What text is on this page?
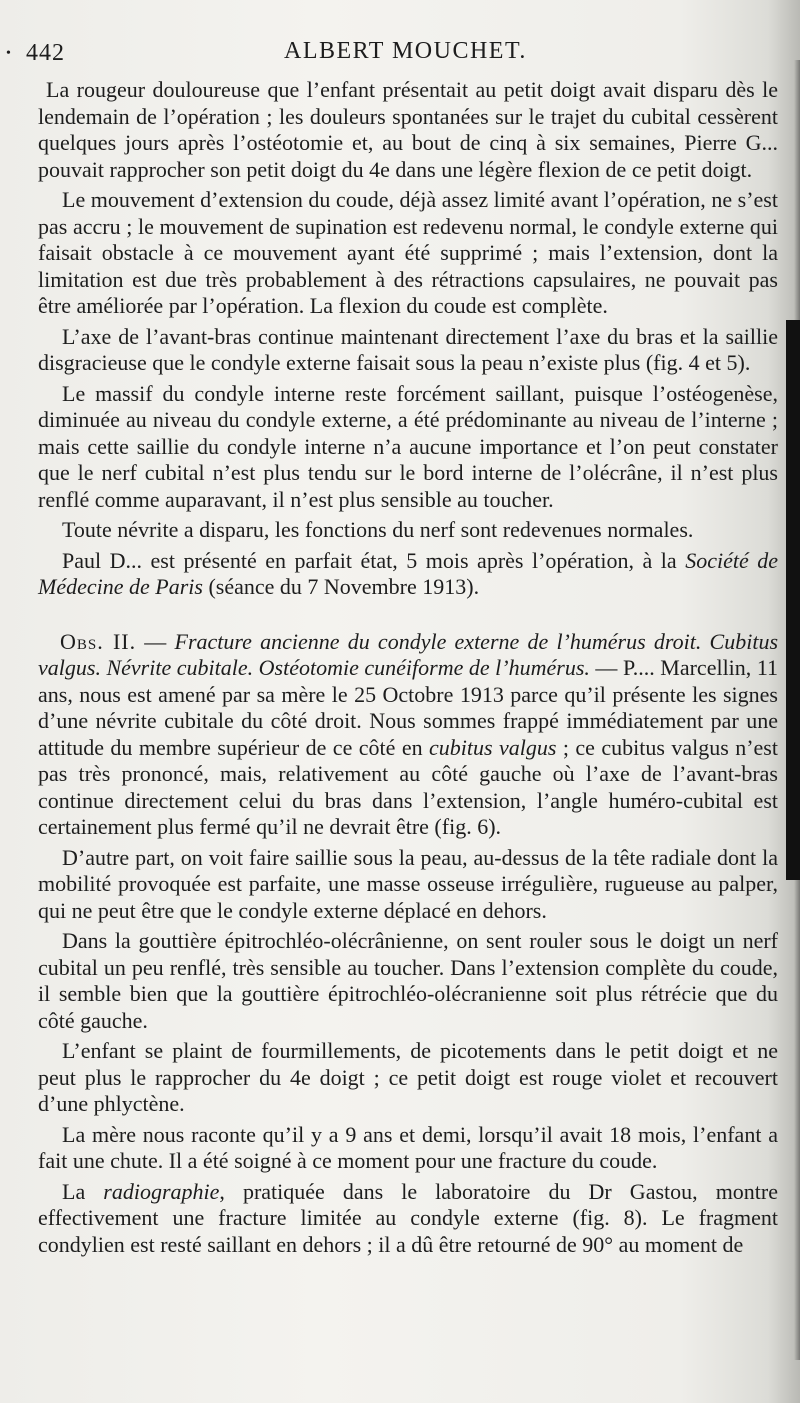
• 442	ALBERT MOUCHET.

La rougeur douloureuse que l’enfant présentait au petit doigt avait disparu dès le lendemain de l’opération ; les douleurs spontanées sur le trajet du cubital cessèrent quelques jours après l’ostéotomie et, au bout de cinq à six semaines, Pierre G... pouvait rapprocher son petit doigt du 4e dans une légère flexion de ce petit doigt.

Le mouvement d’extension du coude, déjà assez limité avant l’opération, ne s’est pas accru ; le mouvement de supination est redevenu normal, le condyle externe qui faisait obstacle à ce mouvement ayant été supprimé ; mais l’extension, dont la limitation est due très probablement à des rétractions capsulaires, ne pouvait pas être améliorée par l’opération. La flexion du coude est complète.

L’axe de l’avant-bras continue maintenant directement l’axe du bras et la saillie disgracieuse que le condyle externe faisait sous la peau n’existe plus (fig. 4 et 5).

Le massif du condyle interne reste forcément saillant, puisque l’ostéogenèse, diminuée au niveau du condyle externe, a été prédominante au niveau de l’interne ; mais cette saillie du condyle interne n’a aucune importance et l’on peut constater que le nerf cubital n’est plus tendu sur le bord interne de l’olécrâne, il n’est plus renflé comme auparavant, il n’est plus sensible au toucher.

Toute névrite a disparu, les fonctions du nerf sont redevenues normales.

Paul D... est présenté en parfait état, 5 mois après l’opération, à la Société de Médecine de Paris (séance du 7 Novembre 1913).

Obs. II. — Fracture ancienne du condyle externe de l’humérus droit. Cubitus valgus. Névrite cubitale. Ostéotomie cunéiforme de l’humérus. — P.... Marcellin, 11 ans, nous est amené par sa mère le 25 Octobre 1913 parce qu’il présente les signes d’une névrite cubitale du côté droit. Nous sommes frappé immédiatement par une attitude du membre supérieur de ce côté en cubitus valgus ; ce cubitus valgus n’est pas très prononcé, mais, relativement au côté gauche où l’axe de l’avant-bras continue directement celui du bras dans l’extension, l’angle huméro-cubital est certainement plus fermé qu’il ne devrait être (fig. 6).

D’autre part, on voit faire saillie sous la peau, au-dessus de la tête radiale dont la mobilité provoquée est parfaite, une masse osseuse irrégulière, rugueuse au palper, qui ne peut être que le condyle externe déplacé en dehors.

Dans la gouttière épitrochléo-olécrânienne, on sent rouler sous le doigt un nerf cubital un peu renflé, très sensible au toucher. Dans l’extension complète du coude, il semble bien que la gouttière épitrochléo-olécranienne soit plus rétrécie que du côté gauche.

L’enfant se plaint de fourmillements, de picotements dans le petit doigt et ne peut plus le rapprocher du 4e doigt ; ce petit doigt est rouge violet et recouvert d’une phlyctène.

La mère nous raconte qu’il y a 9 ans et demi, lorsqu’il avait 18 mois, l’enfant a fait une chute. Il a été soigné à ce moment pour une fracture du coude.

La radiographie, pratiquée dans le laboratoire du Dr Gastou, montre effectivement une fracture limitée au condyle externe (fig. 8). Le fragment condylien est resté saillant en dehors ; il a dû être retourné de 90° au moment de
